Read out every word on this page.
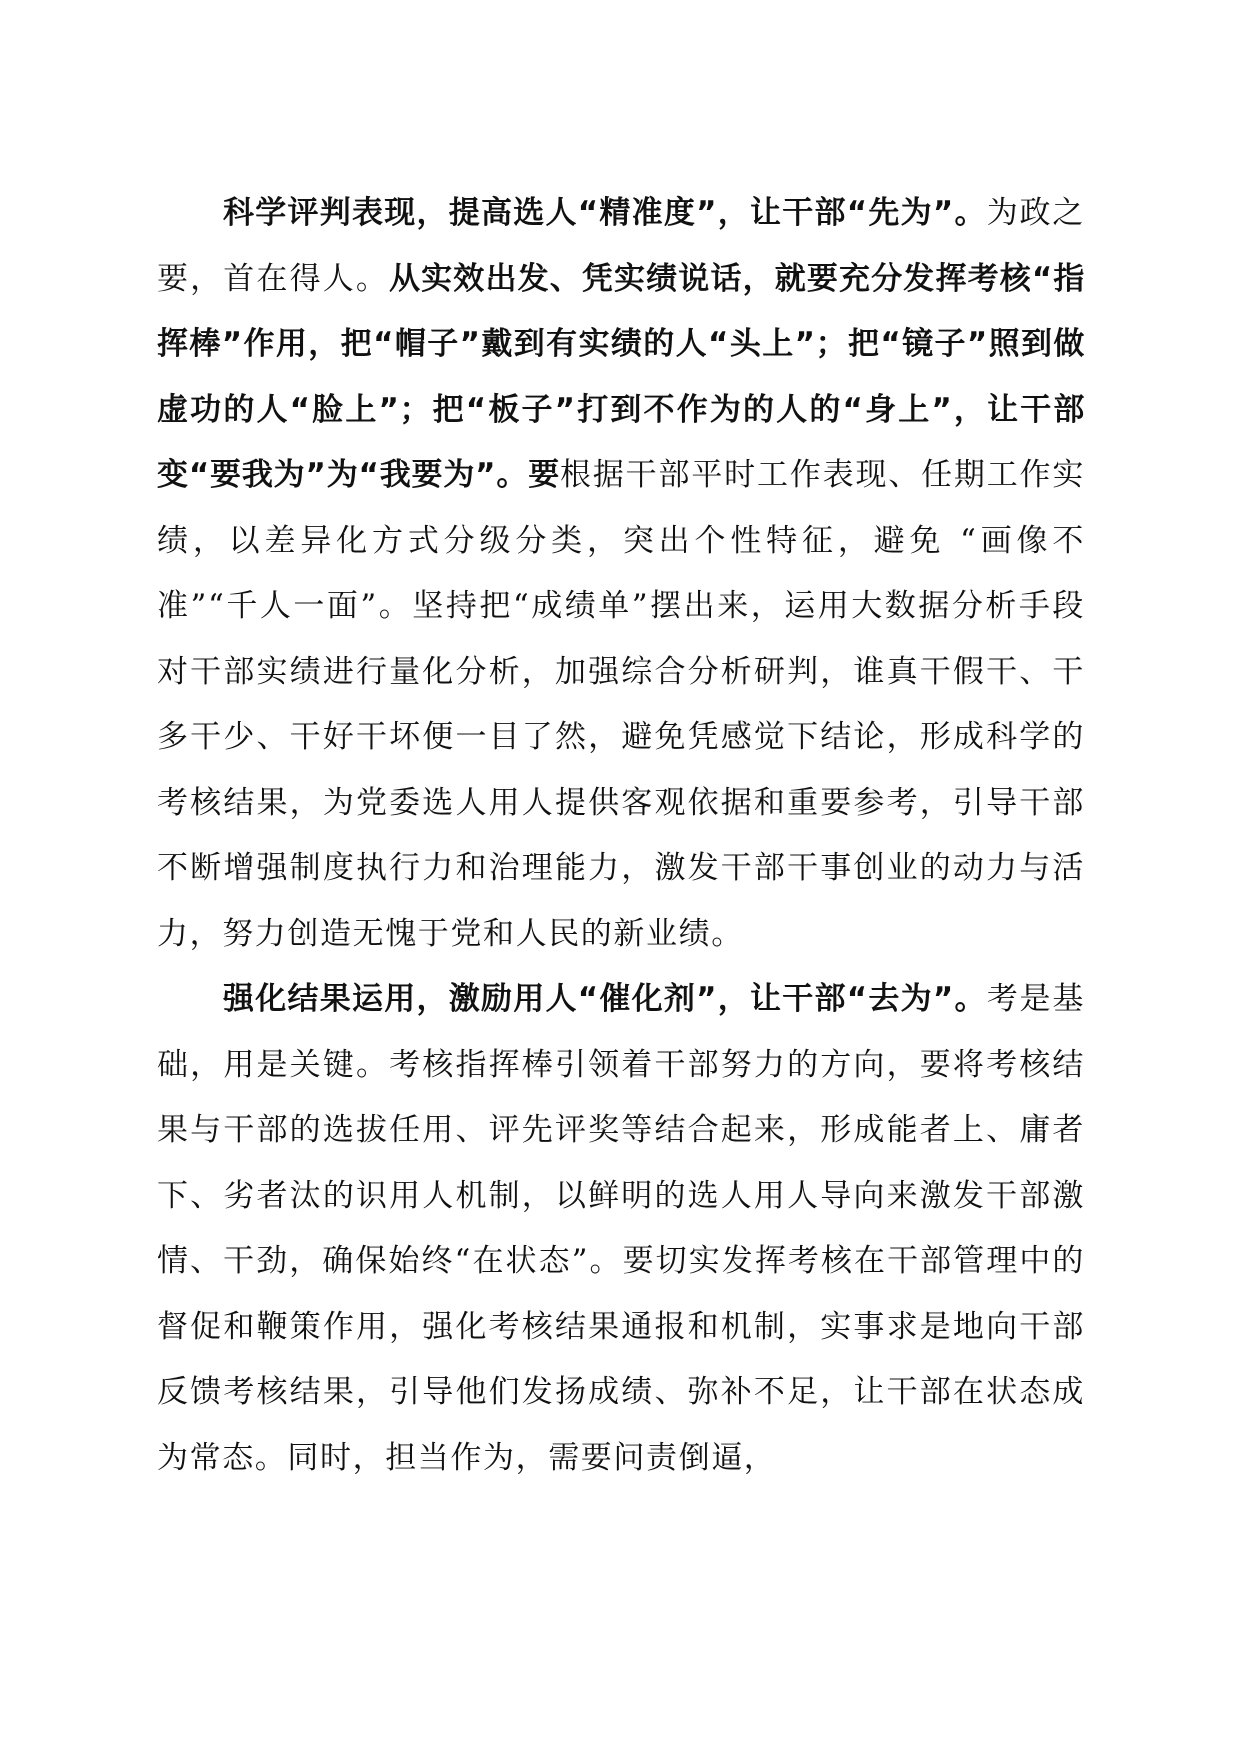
科学评判表现，提高选人“精准度”，让干部“先为”。为政之要，首在得人。从实效出发、凭实绩说话，就要充分发挥考核“指挥棒”作用，把“帽子”戴到有实绩的人“头上”；把“镜子”照到做虚功的人“脸上”；把“板子”打到不作为的人的“身上”，让干部变“要我为”为“我要为”。要根据干部平时工作表现、任期工作实绩，以差异化方式分级分类，突出个性特征，避免 “画像不准”“千人一面”。坚持把“成绩单”摆出来，运用大数据分析手段对干部实绩进行量化分析，加强综合分析研判，谁真干假干、干多干少、干好干坏便一目了然，避免凭感觉下结论，形成科学的考核结果，为党委选人用人提供客观依据和重要参考，引导干部不断增强制度执行力和治理能力，激发干部干事创业的动力与活力，努力创造无愧于党和人民的新业绩。

强化结果运用，激励用人“催化剂”，让干部“去为”。考是基础，用是关键。考核指挥棒引领着干部努力的方向，要将考核结果与干部的选拔任用、评先评奖等结合起来，形成能者上、庸者下、劣者汰的识用人机制，以鲜明的选人用人导向来激发干部激情、干劲，确保始终“在状态”。要切实发挥考核在干部管理中的督促和鞭策作用，强化考核结果通报和机制，实事求是地向干部反馈考核结果，引导他们发扬成绩、弥补不足，让干部在状态成为常态。同时，担当作为，需要问责倒逼，
